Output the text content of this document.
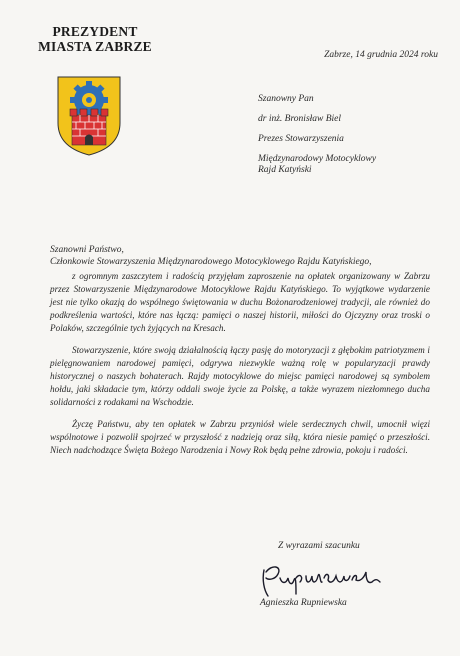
PREZYDENT
MIASTA ZABRZE
Zabrze, 14 grudnia 2024 roku

Szanowny Pan

dr inż. Bronisław Biel

Prezes Stowarzyszenia

Międzynarodowy Motocyklowy

Rajd Katyński

Szanowni Państwo,
Członkowie Stowarzyszenia Międzynarodowego Motocyklowego Rajdu Katyńskiego,

z ogromnym zaszczytem i radością przyjęłam zaproszenie na opłatek organizowany w Zabrzu przez Stowarzyszenie Międzynarodowe Motocyklowe Rajdu Katyńskiego. To wyjątkowe wydarzenie jest nie tylko okazją do wspólnego świętowania w duchu Bożonarodzeniowej tradycji, ale również do podkreślenia wartości, które nas łączą: pamięci o naszej historii, miłości do Ojczyzny oraz troski o Polaków, szczególnie tych żyjących na Kresach.

Stowarzyszenie, które swoją działalnością łączy pasję do motoryzacji z głębokim patriotyzmem i pielęgnowaniem narodowej pamięci, odgrywa niezwykle ważną rolę w popularyzacji prawdy historycznej o naszych bohaterach. Rajdy motocyklowe do miejsc pamięci narodowej są symbolem hołdu, jaki składacie tym, którzy oddali swoje życie za Polskę, a także wyrazem niezłomnego ducha solidarności z rodakami na Wschodzie.

Życzę Państwu, aby ten opłatek w Zabrzu przyniósł wiele serdecznych chwil, umocnił więzi wspólnotowe i pozwolił spojrzeć w przyszłość z nadzieją oraz siłą, która niesie pamięć o przeszłości. Niech nadchodzące Święta Bożego Narodzenia i Nowy Rok będą pełne zdrowia, pokoju i radości.

Z wyrazami szacunku
Agnieszka Rupniewska
